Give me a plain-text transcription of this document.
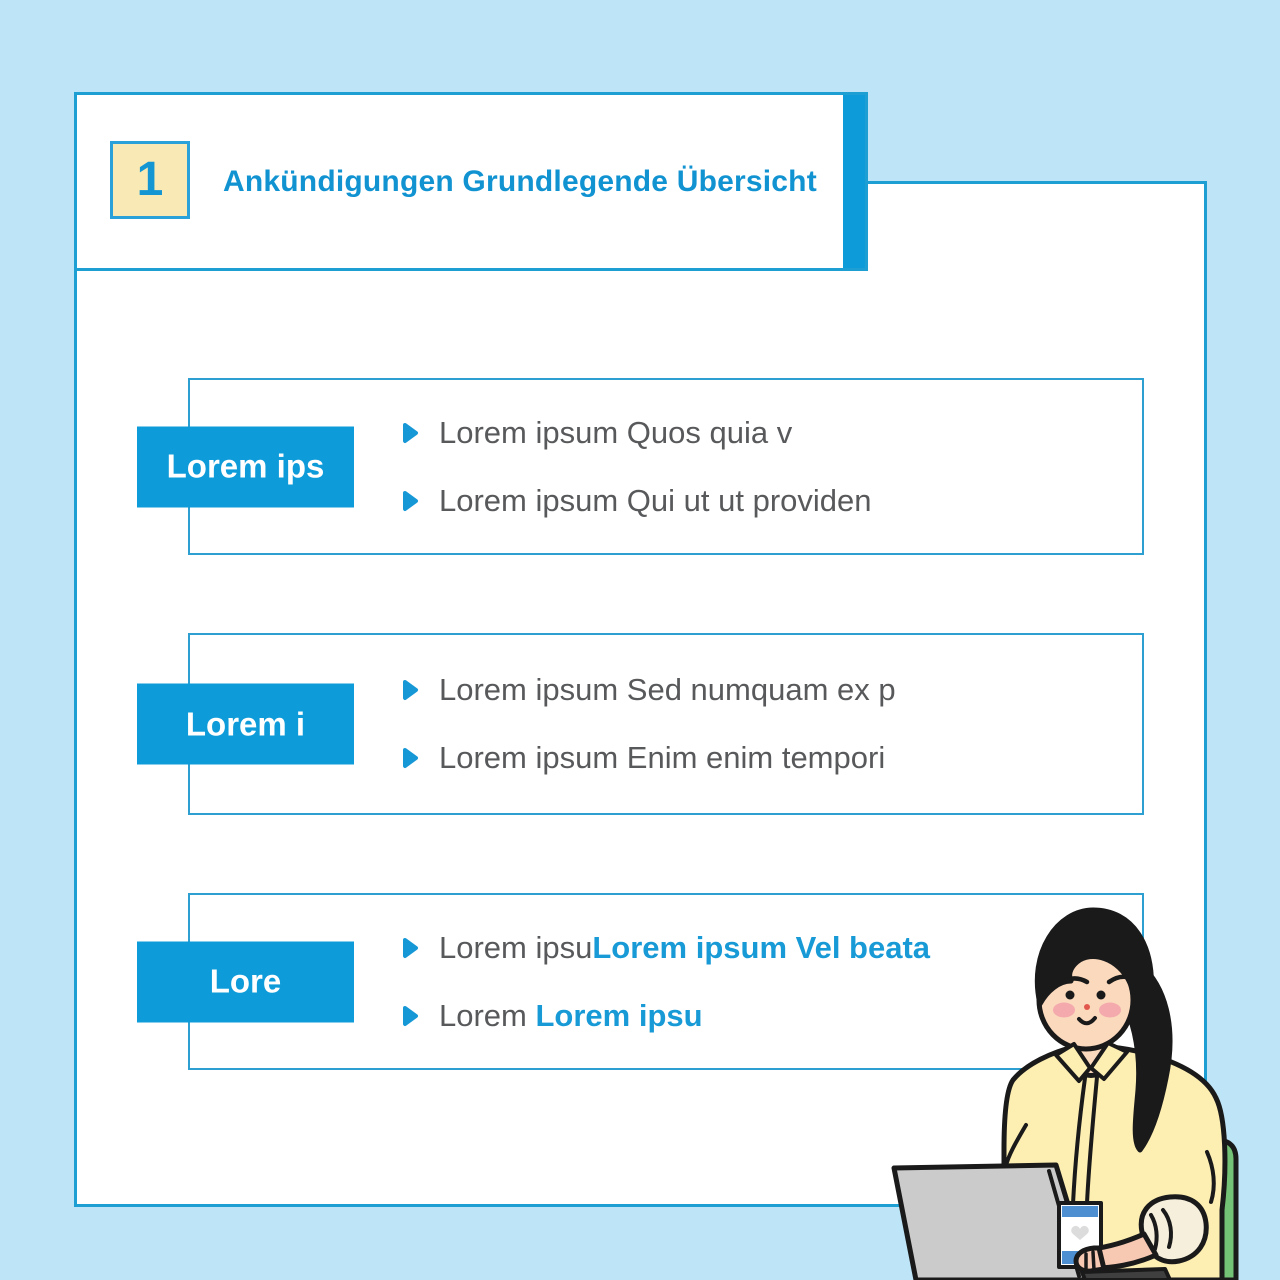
1 Ankündigungen Grundlegende Übersicht
Lorem ips
Lorem ipsum Quos quia v
Lorem ipsum Qui ut ut providen
Lorem i
Lorem ipsum Sed numquam ex p
Lorem ipsum Enim enim tempori
Lore
Lorem ipsuLorem ipsum Vel beata
Lorem Lorem ipsu
